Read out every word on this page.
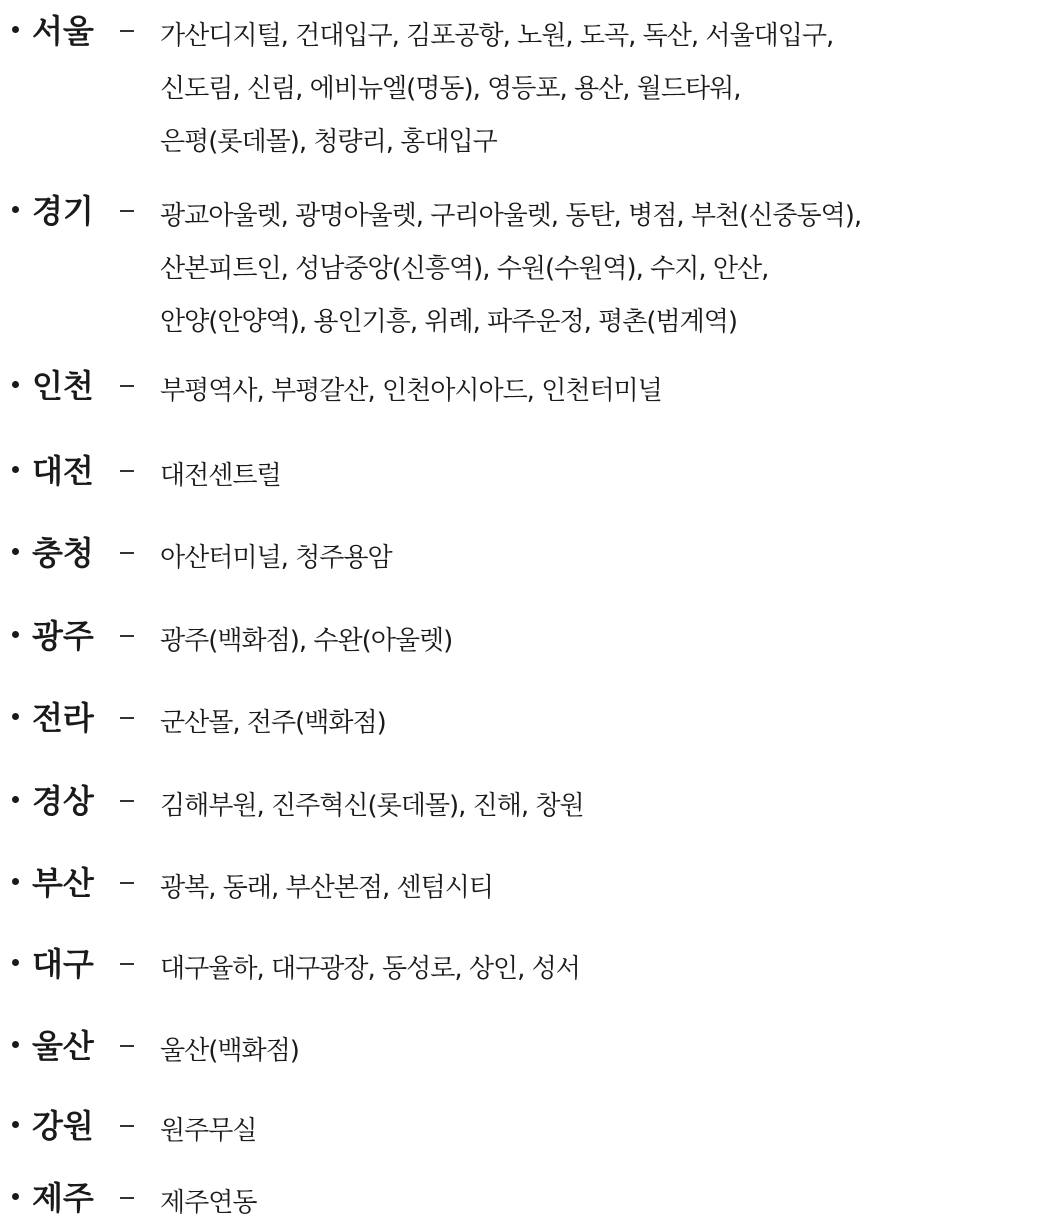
서울	가산디지털, 건대입구, 김포공항, 노원, 도곡, 독산, 서울대입구,
신도림, 신림, 에비뉴엘(명동), 영등포, 용산, 월드타워,
은평(롯데몰), 청량리, 홍대입구
경기	광교아울렛, 광명아울렛, 구리아울렛, 동탄, 병점, 부천(신중동역),
산본피트인, 성남중앙(신흥역), 수원(수원역), 수지, 안산,
안양(안양역), 용인기흥, 위례, 파주운정, 평촌(범계역)
인천	부평역사, 부평갈산, 인천아시아드, 인천터미널
대전	대전센트럴
충청	아산터미널, 청주용암
광주	광주(백화점), 수완(아울렛)
전라	군산몰, 전주(백화점)
경상	김해부원, 진주혁신(롯데몰), 진해, 창원
부산	광복, 동래, 부산본점, 센텀시티
대구	대구율하, 대구광장, 동성로, 상인, 성서
울산	울산(백화점)
강원	원주무실
제주	제주연동
